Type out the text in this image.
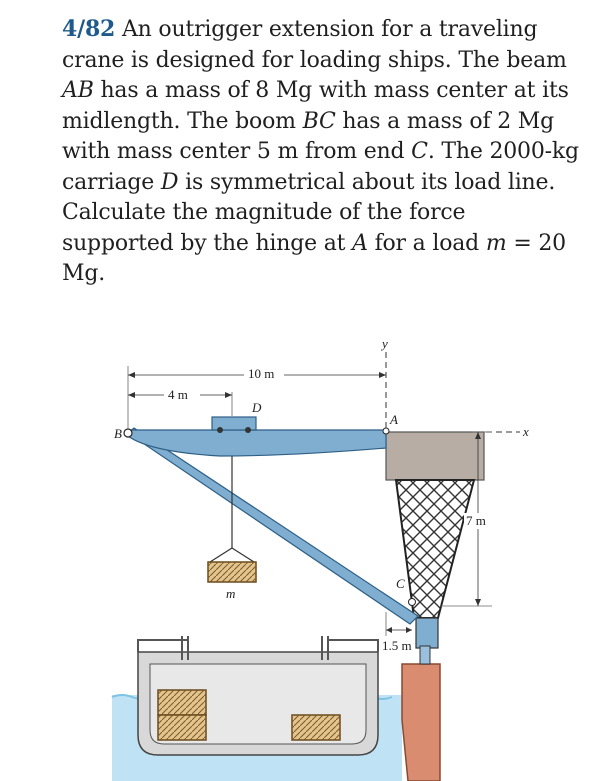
4/82 An outrigger extension for a traveling crane is designed for loading ships. The beam AB has a mass of 8 Mg with mass center at its midlength. The boom BC has a mass of 2 Mg with mass center 5 m from end C. The 2000-kg carriage D is symmetrical about its load line. Calculate the magnitude of the force supported by the hinge at A for a load m = 20 Mg.
10 m
4 m
7 m
1.5 m
B
A
C
D
m
x
y
